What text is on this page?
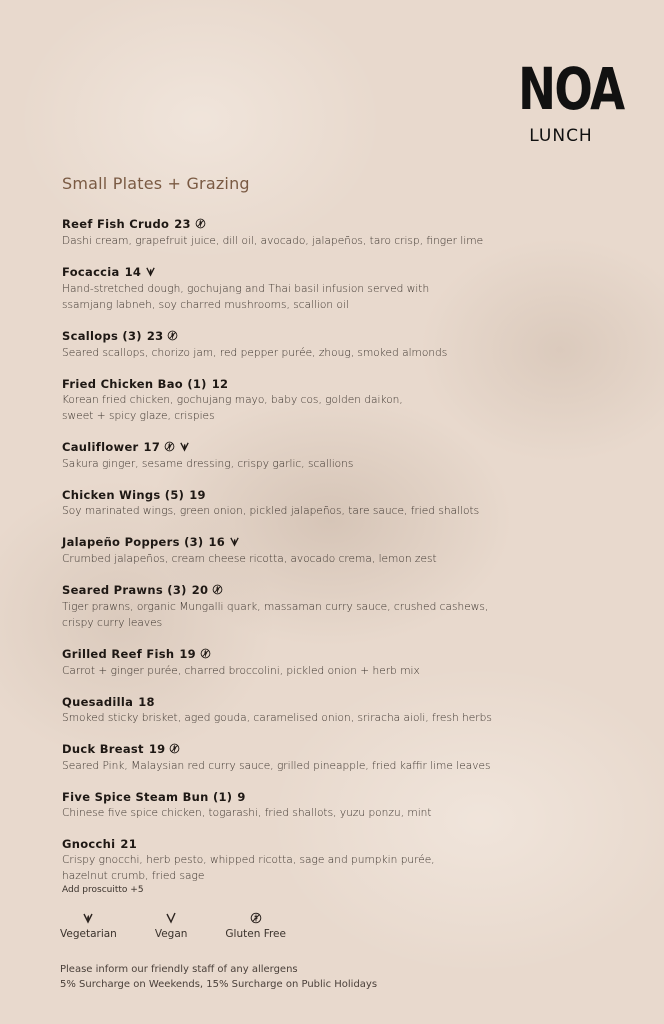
NOA
LUNCH
Small Plates + Grazing
Reef Fish Crudo 23
Dashi cream, grapefruit juice, dill oil, avocado, jalapeños, taro crisp, finger lime
Focaccia 14
Hand-stretched dough, gochujang and Thai basil infusion served with
ssamjang labneh, soy charred mushrooms, scallion oil
Scallops (3) 23
Seared scallops, chorizo jam, red pepper purée, zhoug, smoked almonds
Fried Chicken Bao (1) 12
Korean fried chicken, gochujang mayo, baby cos, golden daikon,
sweet + spicy glaze, crispies
Cauliflower 17
Sakura ginger, sesame dressing, crispy garlic, scallions
Chicken Wings (5) 19
Soy marinated wings, green onion, pickled jalapeños, tare sauce, fried shallots
Jalapeño Poppers (3) 16
Crumbed jalapeños, cream cheese ricotta, avocado crema, lemon zest
Seared Prawns (3) 20
Tiger prawns, organic Mungalli quark, massaman curry sauce, crushed cashews,
crispy curry leaves
Grilled Reef Fish 19
Carrot + ginger purée, charred broccolini, pickled onion + herb mix
Quesadilla 18
Smoked sticky brisket, aged gouda, caramelised onion, sriracha aioli, fresh herbs
Duck Breast 19
Seared Pink, Malaysian red curry sauce, grilled pineapple, fried kaffir lime leaves
Five Spice Steam Bun (1) 9
Chinese five spice chicken, togarashi, fried shallots, yuzu ponzu, mint
Gnocchi 21
Crispy gnocchi, herb pesto, whipped ricotta, sage and pumpkin purée,
hazelnut crumb, fried sage
Add proscuitto +5
Vegetarian	Vegan	Gluten Free
Please inform our friendly staff of any allergens
5% Surcharge on Weekends, 15% Surcharge on Public Holidays
